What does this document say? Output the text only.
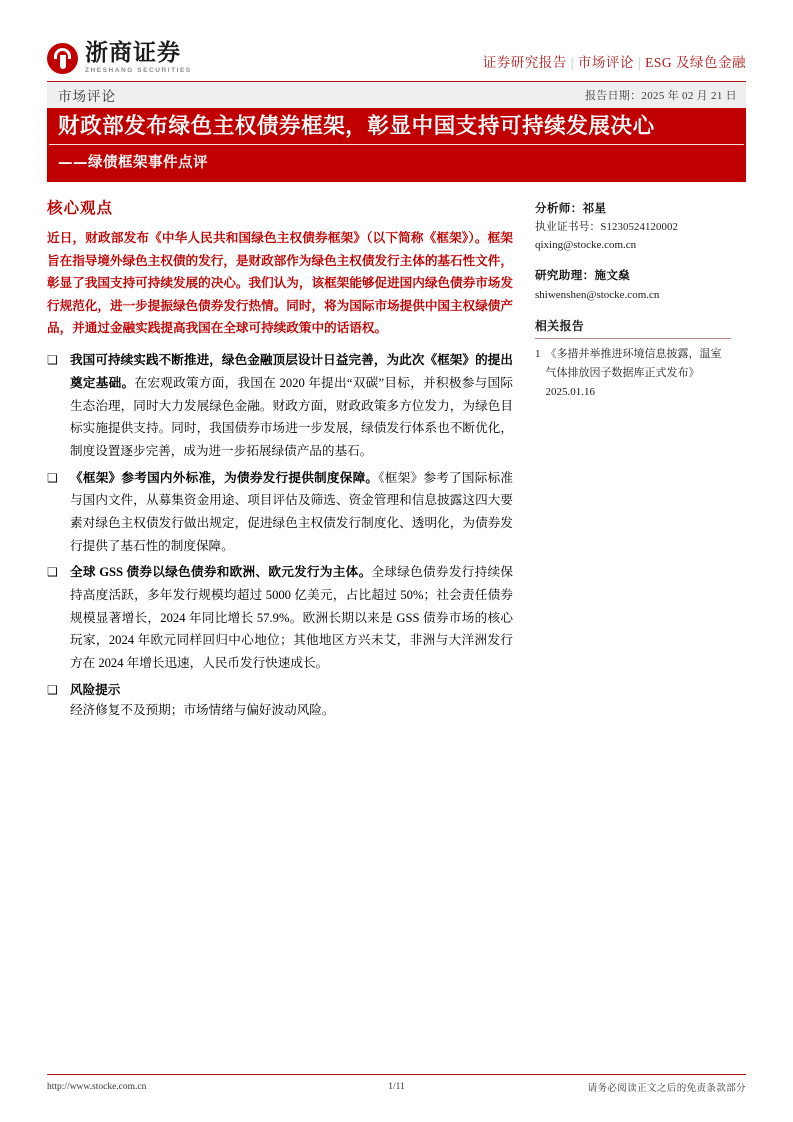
浙商证券
ZHESHANG SECURITIES
证券研究报告 | 市场评论 | ESG 及绿色金融
市场评论	报告日期：2025 年 02 月 21 日
财政部发布绿色主权债券框架，彰显中国支持可持续发展决心
——绿债框架事件点评
核心观点

近日，财政部发布《中华人民共和国绿色主权债券框架》（以下简称《框架》）。框架旨在指导境外绿色主权债的发行，是财政部作为绿色主权债发行主体的基石性文件，彰显了我国支持可持续发展的决心。我们认为，该框架能够促进国内绿色债券市场发行规范化，进一步提振绿色债券发行热情。同时，将为国际市场提供中国主权绿债产品，并通过金融实践提高我国在全球可持续政策中的话语权。

❑ 我国可持续实践不断推进，绿色金融顶层设计日益完善，为此次《框架》的提出奠定基础。在宏观政策方面，我国在 2020 年提出“双碳”目标，并积极参与国际生态治理，同时大力发展绿色金融。财政方面，财政政策多方位发力，为绿色目标实施提供支持。同时，我国债券市场进一步发展，绿债发行体系也不断优化，制度设置逐步完善，成为进一步拓展绿债产品的基石。
❑ 《框架》参考国内外标准，为债券发行提供制度保障。《框架》参考了国际标准与国内文件，从募集资金用途、项目评估及筛选、资金管理和信息披露这四大要素对绿色主权债发行做出规定，促进绿色主权债发行制度化、透明化，为债券发行提供了基石性的制度保障。
❑ 全球 GSS 债券以绿色债券和欧洲、欧元发行为主体。全球绿色债券发行持续保持高度活跃，多年发行规模均超过 5000 亿美元，占比超过 50%；社会责任债券规模显著增长，2024 年同比增长 57.9%。欧洲长期以来是 GSS 债券市场的核心玩家，2024 年欧元同样回归中心地位；其他地区方兴未艾，非洲与大洋洲发行方在 2024 年增长迅速，人民币发行快速成长。
❑ 风险提示
经济修复不及预期；市场情绪与偏好波动风险。
分析师：祁星
执业证书号：S1230524120002
qixing@stocke.com.cn
研究助理：施文燊
shiwenshen@stocke.com.cn
相关报告
1 《多措并举推进环境信息披露，温室气体排放因子数据库正式发布》 2025.01.16
http://www.stocke.com.cn	1/11	请务必阅读正文之后的免责条款部分
